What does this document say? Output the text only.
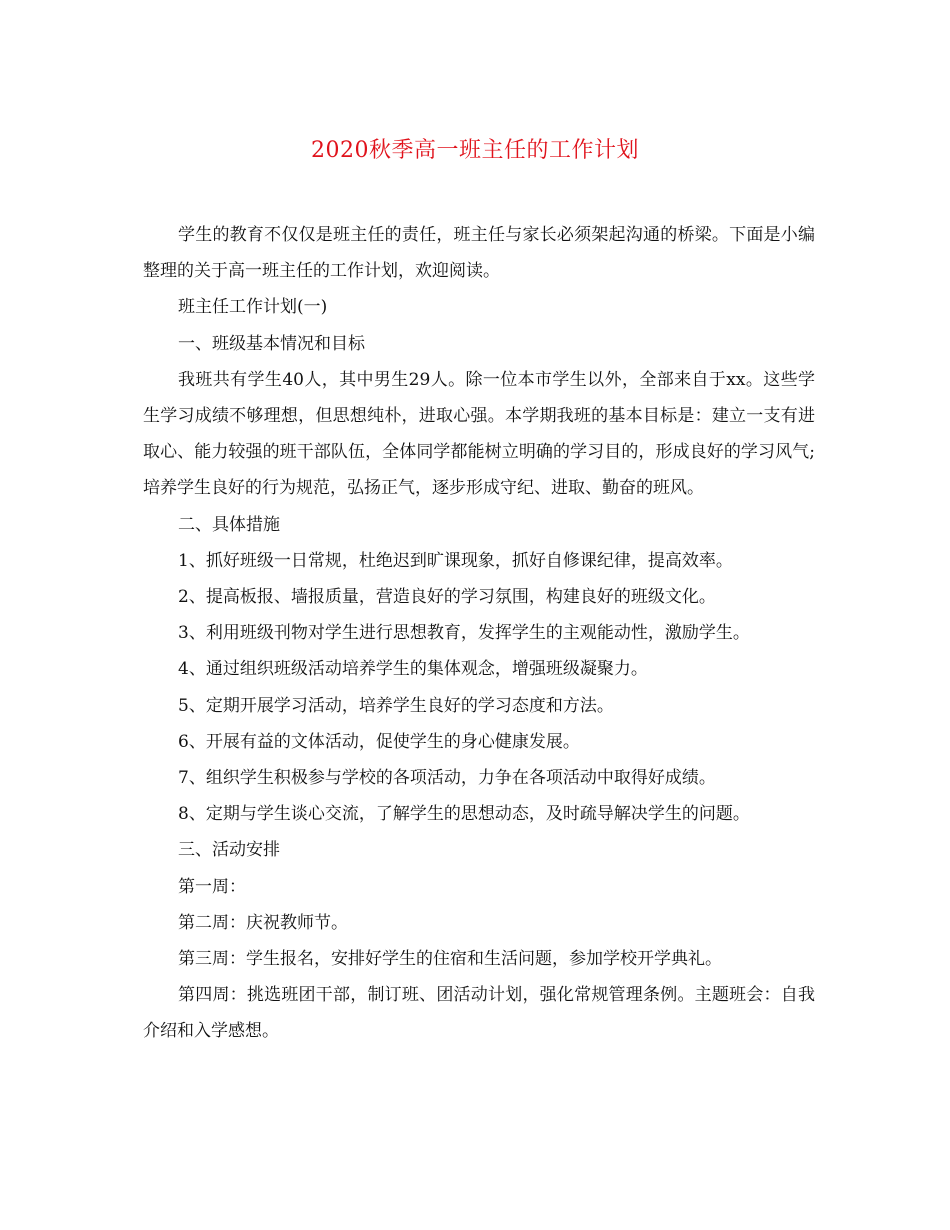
2020秋季高一班主任的工作计划

学生的教育不仅仅是班主任的责任，班主任与家长必须架起沟通的桥梁。下面是小编整理的关于高一班主任的工作计划，欢迎阅读。

班主任工作计划(一)

一、班级基本情况和目标

我班共有学生40人，其中男生29人。除一位本市学生以外，全部来自于xx。这些学生学习成绩不够理想，但思想纯朴，进取心强。本学期我班的基本目标是：建立一支有进取心、能力较强的班干部队伍，全体同学都能树立明确的学习目的，形成良好的学习风气;培养学生良好的行为规范，弘扬正气，逐步形成守纪、进取、勤奋的班风。

二、具体措施

1、抓好班级一日常规，杜绝迟到旷课现象，抓好自修课纪律，提高效率。

2、提高板报、墙报质量，营造良好的学习氛围，构建良好的班级文化。

3、利用班级刊物对学生进行思想教育，发挥学生的主观能动性，激励学生。

4、通过组织班级活动培养学生的集体观念，增强班级凝聚力。

5、定期开展学习活动，培养学生良好的学习态度和方法。

6、开展有益的文体活动，促使学生的身心健康发展。

7、组织学生积极参与学校的各项活动，力争在各项活动中取得好成绩。

8、定期与学生谈心交流，了解学生的思想动态，及时疏导解决学生的问题。

三、活动安排

第一周：

第二周：庆祝教师节。

第三周：学生报名，安排好学生的住宿和生活问题，参加学校开学典礼。

第四周：挑选班团干部，制订班、团活动计划，强化常规管理条例。主题班会：自我介绍和入学感想。
